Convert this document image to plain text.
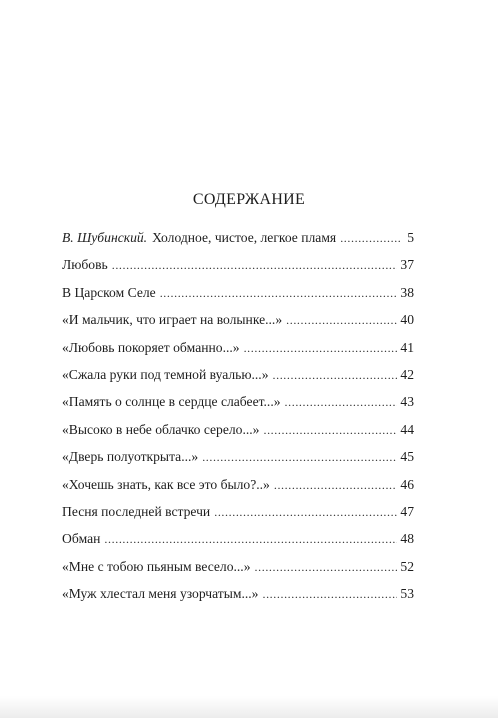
СОДЕРЖАНИЕ
В. Шубинский. Холодное, чистое, легкое пламя . . .	5
Любовь . . .	37
В Царском Селе . . .	38
«И мальчик, что играет на волынке...» . . .	40
«Любовь покоряет обманно...» . . .	41
«Сжала руки под темной вуалью...» . . .	42
«Память о солнце в сердце слабеет...» . . .	43
«Высоко в небе облачко серело...» . . .	44
«Дверь полуоткрыта...» . . .	45
«Хочешь знать, как все это было?..» . . .	46
Песня последней встречи . . .	47
Обман . . .	48
«Мне с тобою пьяным весело...» . . .	52
«Муж хлестал меня узорчатым...» . . .	53
